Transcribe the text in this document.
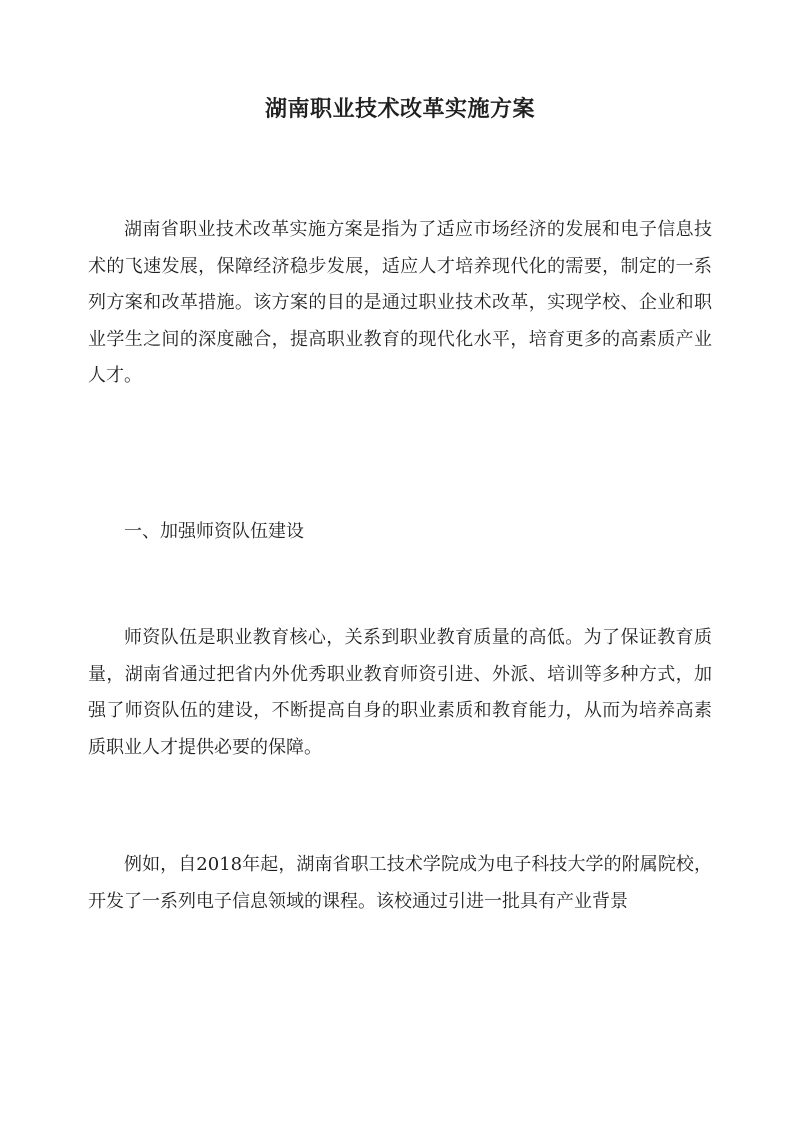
湖南职业技术改革实施方案

湖南省职业技术改革实施方案是指为了适应市场经济的发展和电子信息技术的飞速发展，保障经济稳步发展，适应人才培养现代化的需要，制定的一系列方案和改革措施。该方案的目的是通过职业技术改革，实现学校、企业和职业学生之间的深度融合，提高职业教育的现代化水平，培育更多的高素质产业人才。

一、加强师资队伍建设

师资队伍是职业教育核心，关系到职业教育质量的高低。为了保证教育质量，湖南省通过把省内外优秀职业教育师资引进、外派、培训等多种方式，加强了师资队伍的建设，不断提高自身的职业素质和教育能力，从而为培养高素质职业人才提供必要的保障。

例如，自2018年起，湖南省职工技术学院成为电子科技大学的附属院校，开发了一系列电子信息领域的课程。该校通过引进一批具有产业背景
